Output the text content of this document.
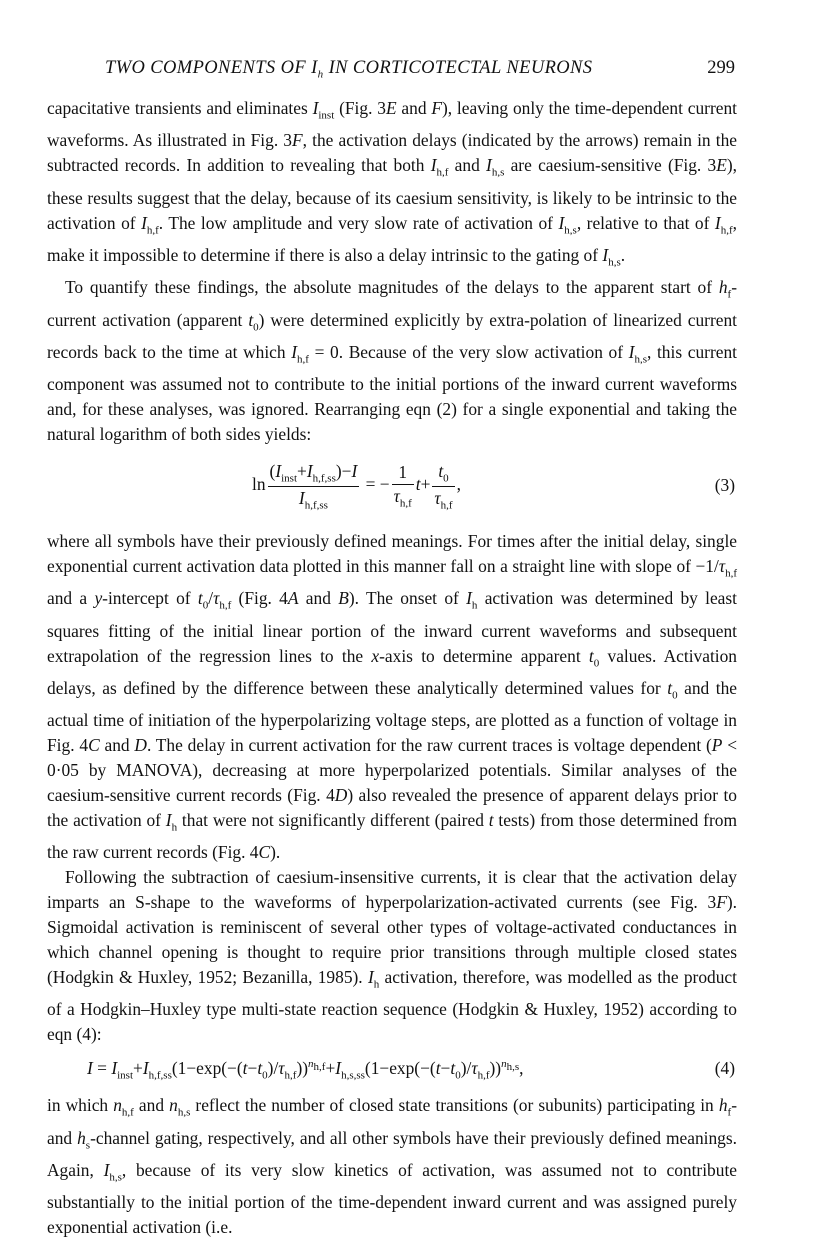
TWO COMPONENTS OF $I_h$ IN CORTICOTECTAL NEURONS	299

capacitative transients and eliminates $I_{inst}$ (Fig. 3E and F), leaving only the time-dependent current waveforms. As illustrated in Fig. 3F, the activation delays (indicated by the arrows) remain in the subtracted records. In addition to revealing that both $I_{h,f}$ and $I_{h,s}$ are caesium-sensitive (Fig. 3E), these results suggest that the delay, because of its caesium sensitivity, is likely to be intrinsic to the activation of $I_{h,f}$. The low amplitude and very slow rate of activation of $I_{h,s}$, relative to that of $I_{h,f}$, make it impossible to determine if there is also a delay intrinsic to the gating of $I_{h,s}$.

To quantify these findings, the absolute magnitudes of the delays to the apparent start of $h_f$-current activation (apparent $t_0$) were determined explicitly by extra-polation of linearized current records back to the time at which $I_{h,f} = 0$. Because of the very slow activation of $I_{h,s}$, this current component was assumed not to contribute to the initial portions of the inward current waveforms and, for these analyses, was ignored. Rearranging eqn (2) for a single exponential and taking the natural logarithm of both sides yields:

$\ln \frac{(I_{inst}+I_{h,f,ss})-I}{I_{h,f,ss}}$ = − $\frac{1}{\tau_{h,f}} t+ \frac{t_0}{\tau_{h,f}}$ ,	(3)

where all symbols have their previously defined meanings. For times after the initial delay, single exponential current activation data plotted in this manner fall on a straight line with slope of $-1/\tau_{h,f}$ and a y-intercept of $t_0/\tau_{h,f}$ (Fig. 4A and B). The onset of $I_h$ activation was determined by least squares fitting of the initial linear portion of the inward current waveforms and subsequent extrapolation of the regression lines to the x-axis to determine apparent $t_0$ values. Activation delays, as defined by the difference between these analytically determined values for $t_0$ and the actual time of initiation of the hyperpolarizing voltage steps, are plotted as a function of voltage in Fig. 4C and D. The delay in current activation for the raw current traces is voltage dependent (P < 0·05 by MANOVA), decreasing at more hyperpolarized potentials. Similar analyses of the caesium-sensitive current records (Fig. 4D) also revealed the presence of apparent delays prior to the activation of $I_h$ that were not significantly different (paired t tests) from those determined from the raw current records (Fig. 4C).

Following the subtraction of caesium-insensitive currents, it is clear that the activation delay imparts an S-shape to the waveforms of hyperpolarization-activated currents (see Fig. 3F). Sigmoidal activation is reminiscent of several other types of voltage-activated conductances in which channel opening is thought to require prior transitions through multiple closed states (Hodgkin & Huxley, 1952; Bezanilla, 1985). $I_h$ activation, therefore, was modelled as the product of a Hodgkin–Huxley type multi-state reaction sequence (Hodgkin & Huxley, 1952) according to eqn (4):

$I = I_{inst}+I_{h,f,ss}(1-\exp(-(t-t_0)/\tau_{h,f}))^{n_{h,f}}+I_{h,s,ss}(1-\exp(-(t-t_0)/\tau_{h,f}))^{n_{h,s}}$,	(4)

in which $n_{h,f}$ and $n_{h,s}$ reflect the number of closed state transitions (or subunits) participating in $h_f-$ and $h_s$-channel gating, respectively, and all other symbols have their previously defined meanings. Again, $I_{h,s}$, because of its very slow kinetics of activation, was assumed not to contribute substantially to the initial portion of the time-dependent inward current and was assigned purely exponential activation (i.e.
